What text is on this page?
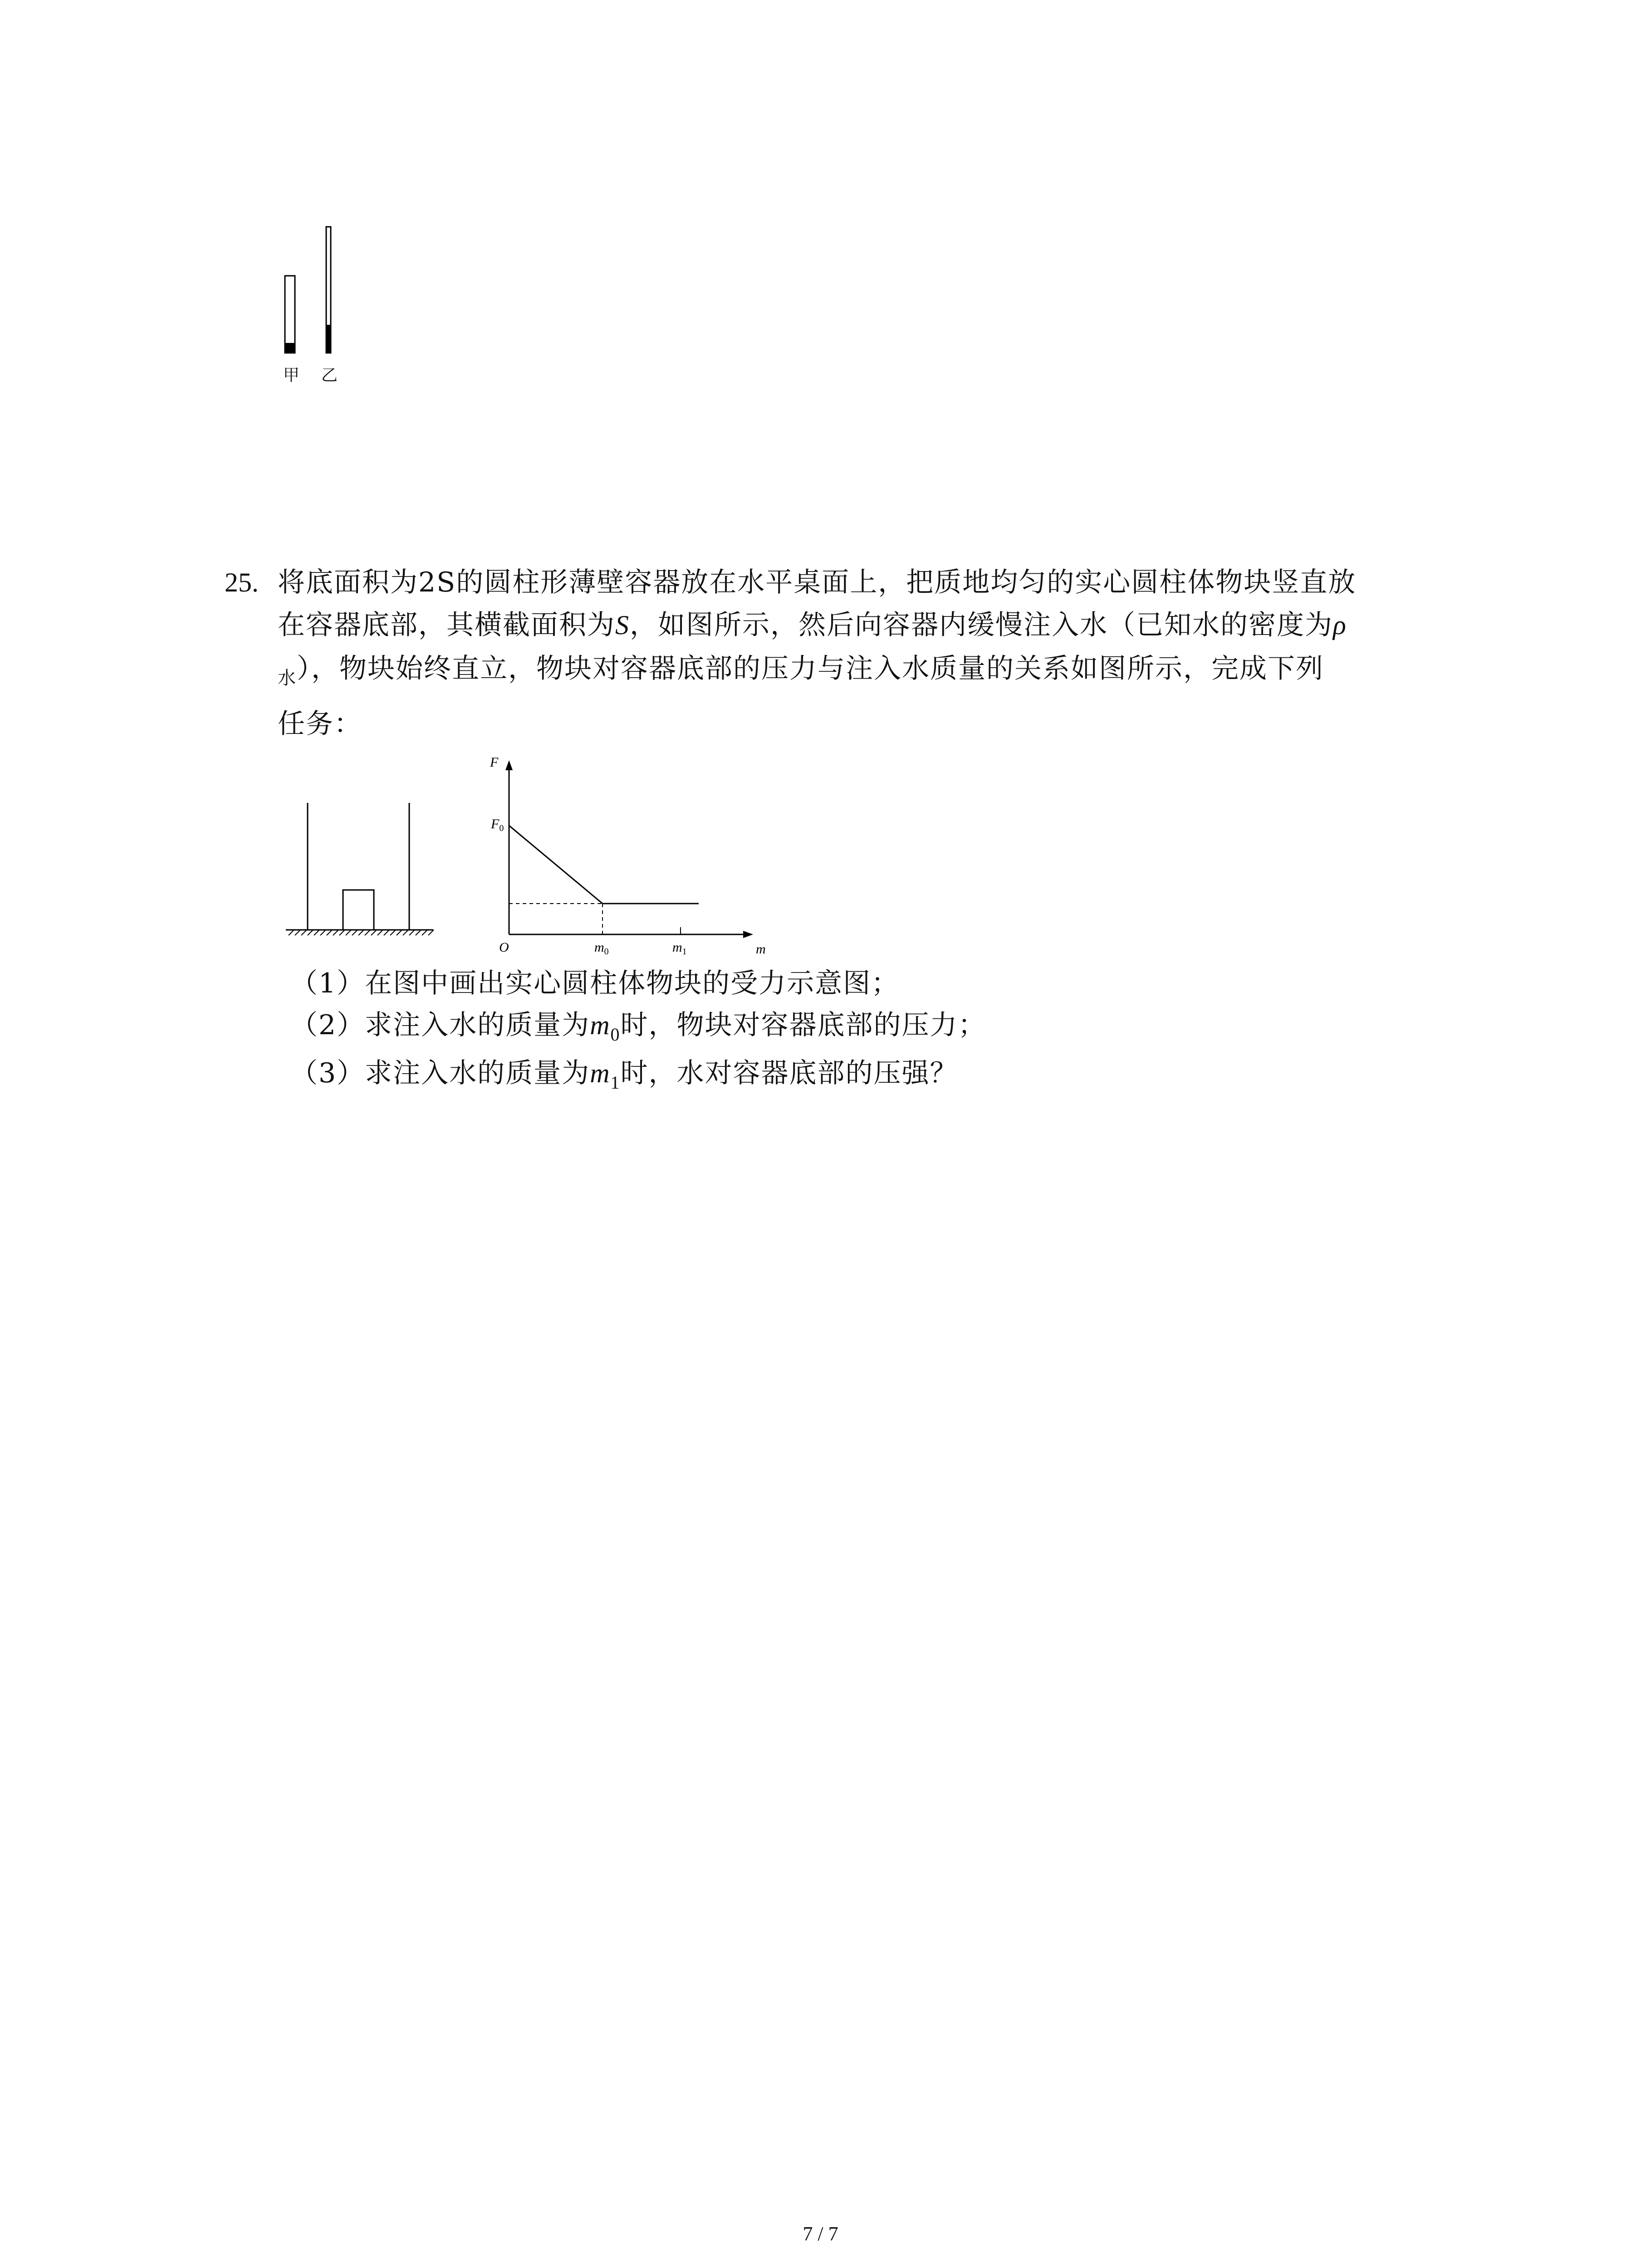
甲 乙
25. 将底面积为2S的圆柱形薄壁容器放在水平桌面上，把质地均匀的实心圆柱体物块竖直放
在容器底部，其横截面积为S，如图所示，然后向容器内缓慢注入水（已知水的密度为ρ
$_水$），物块始终直立，物块对容器底部的压力与注入水质量的关系如图所示，完成下列
任务：
F
$F_0$
O	$m_0$	$m_1$	m
（1）在图中画出实心圆柱体物块的受力示意图；
（2）求注入水的质量为$m_0$时，物块对容器底部的压力；
（3）求注入水的质量为$m_1$时，水对容器底部的压强？
7 / 7
